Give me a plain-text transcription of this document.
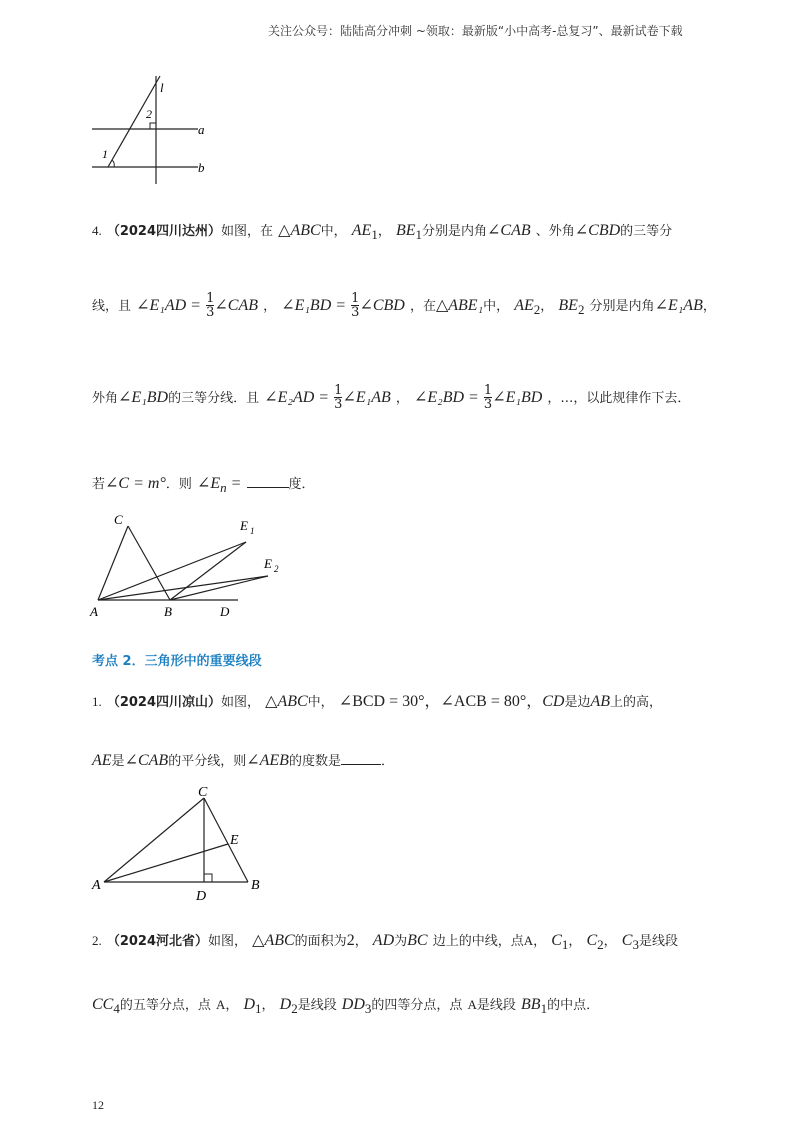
关注公众号：陆陆高分冲刺 ~领取：最新版“小中高考-总复习”、最新试卷下载
l
a
b
1
2
4. （2024四川达州）如图，在 △ABC中， $AE_1$， $BE_1$分别是内角∠CAB 、外角∠CBD的三等分
线，且 ∠E₁AD = $\frac{1}{3}$ ∠CAB ， ∠E₁BD = $\frac{1}{3}$ ∠CBD ，在△ABE₁中， $AE_2$， $BE_2$ 分别是内角∠E₁AB，
外角∠E₁BD的三等分线．且 ∠E₂AD = $\frac{1}{3}$ ∠E₁AB ， ∠E₂BD = $\frac{1}{3}$ ∠E₁BD ，…，以此规律作下去．
若∠C = m°．则 $\angle E_n$ =	度．
C
A	B	D
E 1
E 2
考点 2．三角形中的重要线段
1. （2024四川凉山）如图， △ABC中， ∠BCD = 30°，∠ACB = 80°，CD是边AB上的高，
AE是∠CAB的平分线，则∠AEB的度数是	．
C
E
A
D
B
2. （2024河北省）如图， △ABC的面积为2， AD为BC 边上的中线，点A， $C_1$， $C_2$， $C_3$是线段
$CC_4$的五等分点，点 A， $D_1$， $D_2$是线段 $DD_3$的四等分点，点 A是线段 $BB_1$的中点．
12
